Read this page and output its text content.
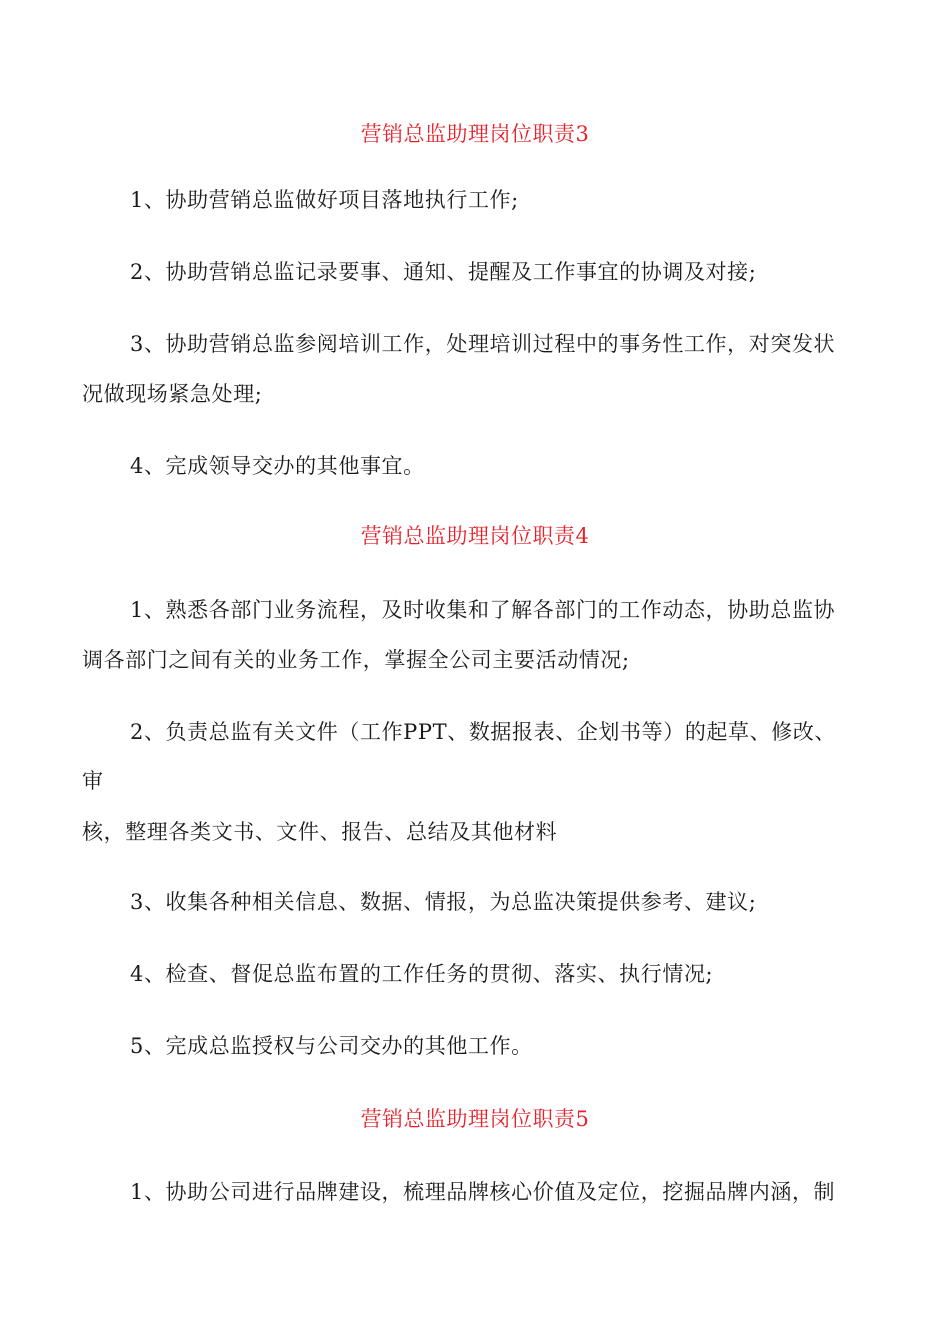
营销总监助理岗位职责3
1、协助营销总监做好项目落地执行工作;
2、协助营销总监记录要事、通知、提醒及工作事宜的协调及对接;
3、协助营销总监参阅培训工作，处理培训过程中的事务性工作，对突发状
况做现场紧急处理;
4、完成领导交办的其他事宜。
营销总监助理岗位职责4
1、熟悉各部门业务流程，及时收集和了解各部门的工作动态，协助总监协
调各部门之间有关的业务工作，掌握全公司主要活动情况;
2、负责总监有关文件（工作PPT、数据报表、企划书等）的起草、修改、
审
核，整理各类文书、文件、报告、总结及其他材料
3、收集各种相关信息、数据、情报，为总监决策提供参考、建议;
4、检查、督促总监布置的工作任务的贯彻、落实、执行情况;
5、完成总监授权与公司交办的其他工作。
营销总监助理岗位职责5
1、协助公司进行品牌建设，梳理品牌核心价值及定位，挖掘品牌内涵，制
